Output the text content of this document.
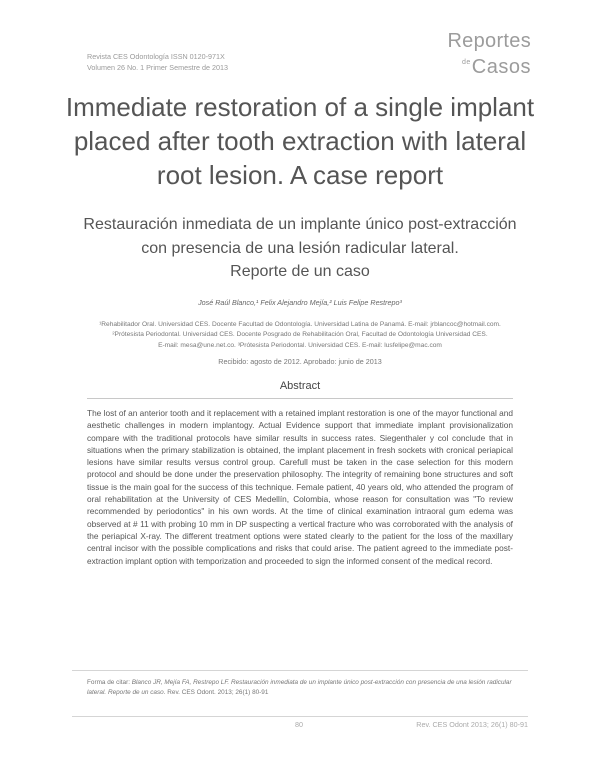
Revista CES Odontología ISSN 0120-971X
Volumen 26 No. 1 Primer Semestre de 2013
Reportes
$^{de}$Casos
Immediate restoration of a single implant
placed after tooth extraction with lateral
root lesion. A case report
Restauración inmediata de un implante único post-extracción
con presencia de una lesión radicular lateral.
Reporte de un caso
José Raúl Blanco,¹ Felix Alejandro Mejía,² Luis Felipe Restrepo³
¹Rehabilitador Oral. Universidad CES. Docente Facultad de Odontología. Universidad Latina de Panamá. E-mail: jrblancoc@hotmail.com.
²Prótesista Periodontal. Universidad CES. Docente Posgrado de Rehabilitación Oral, Facultad de Odontología Universidad CES.
E-mail: mesa@une.net.co. ³Prótesista Periodontal. Universidad CES. E-mail: lusfelipe@mac.com
Recibido: agosto de 2012. Aprobado: junio de 2013
Abstract
The lost of an anterior tooth and it replacement with a retained implant restoration is one of the mayor functional and aesthetic challenges in modern implantogy. Actual Evidence support that immediate implant provisionalization compare with the traditional protocols have similar results in success rates. Siegenthaler y col conclude that in situations when the primary stabilization is obtained, the implant placement in fresh sockets with cronical periapical lesions have similar results versus control group. Carefull must be taken in the case selection for this modern protocol and should be done under the preservation philosophy. The integrity of remaining bone structures and soft tissue is the main goal for the success of this technique. Female patient, 40 years old, who attended the program of oral rehabilitation at the University of CES Medellín, Colombia, whose reason for consultation was "To review recommended by periodontics" in his own words. At the time of clinical examination intraoral gum edema was observed at # 11 with probing 10 mm in DP suspecting a vertical fracture who was corroborated with the analysis of the periapical X-ray. The different treatment options were stated clearly to the patient for the loss of the maxillary central incisor with the possible complications and risks that could arise. The patient agreed to the immediate post-extraction implant option with temporization and proceeded to sign the informed consent of the medical record.
Forma de citar: Blanco JR, Mejía FA, Restrepo LF. Restauración inmediata de un implante único post-extracción con presencia de una lesión radicular lateral. Reporte de un caso. Rev. CES Odont. 2013; 26(1) 80-91
80	Rev. CES Odont 2013; 26(1) 80-91
